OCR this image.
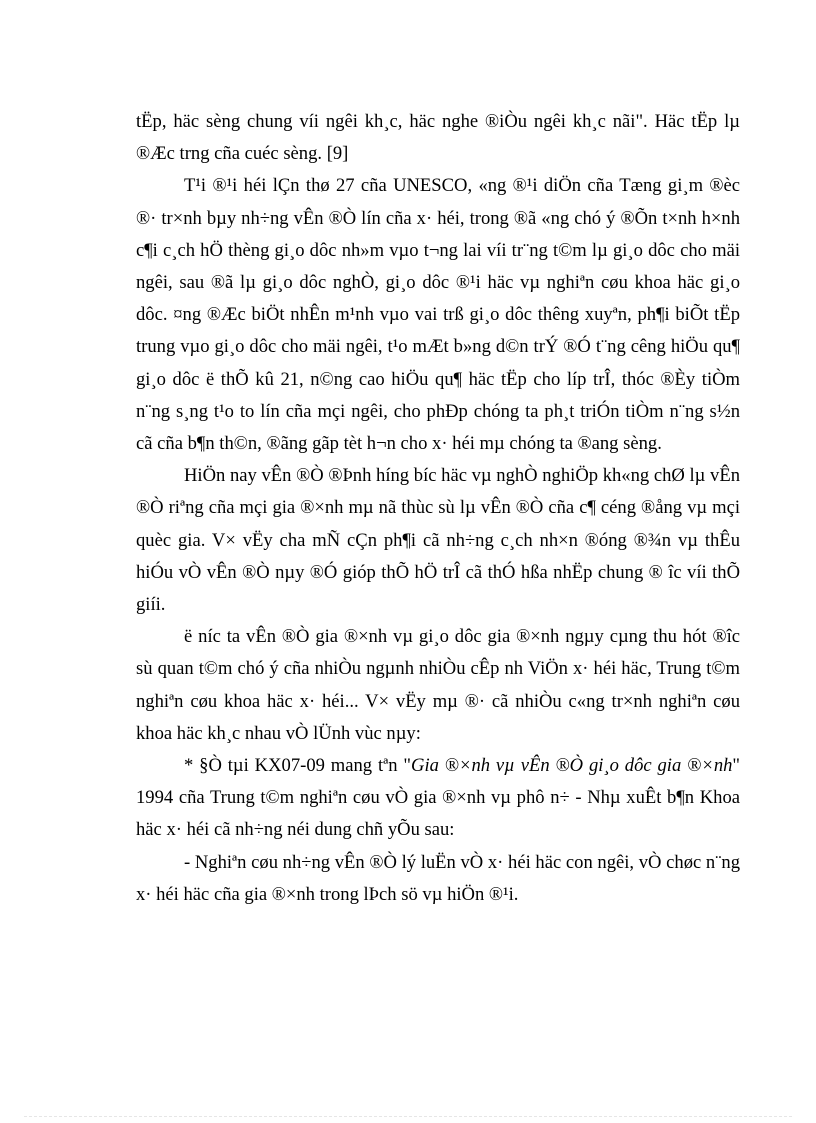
tËp, häc sèng chung víi ngêi kh¸c, häc nghe ®iÒu ngêi kh¸c nãi". Häc tËp lµ ®Æc trng cña cuéc sèng. [9]

T¹i ®¹i héi lÇn thø 27 cña UNESCO, «ng ®¹i diÖn cña Tæng gi¸m ®èc ®· tr×nh bµy nh÷ng vÊn ®Ò lín cña x· héi, trong ®ã «ng chó ý ®Õn t×nh h×nh c¶i c¸ch hÖ thèng gi¸o dôc nh»m vµo t¬ng lai víi tr¨ng t©m lµ gi¸o dôc cho mäi ngêi, sau ®ã lµ gi¸o dôc nghÒ, gi¸o dôc ®¹i häc vµ nghiªn cøu khoa häc gi¸o dôc. ¤ng ®Æc biÖt nhÊn m¹nh vµo vai trß gi¸o dôc thêng xuyªn, ph¶i biÕt tËp trung vµo gi¸o dôc cho mäi ngêi, t¹o mÆt b»ng d©n trÝ ®Ó t¨ng cêng hiÖu qu¶ gi¸o dôc ë thÕ kû 21, n©ng cao hiÖu qu¶ häc tËp cho líp trÎ, thóc ®Èy tiÒm n¨ng s¸ng t¹o to lín cña mçi ngêi, cho phÐp chóng ta ph¸t triÓn tiÒm n¨ng s½n cã cña b¶n th©n, ®ãng gãp tèt h¬n cho x· héi mµ chóng ta ®ang sèng.

HiÖn nay vÊn ®Ò ®Þnh híng bíc häc vµ nghÒ nghiÖp kh«ng chØ lµ vÊn ®Ò riªng cña mçi gia ®×nh mµ nã thùc sù lµ vÊn ®Ò cña c¶ céng ®ång vµ mçi quèc gia. V× vËy cha mÑ cÇn ph¶i cã nh÷ng c¸ch nh×n ®óng ®¾n vµ thÊu hiÓu vÒ vÊn ®Ò nµy ®Ó gióp thÕ hÖ trÎ cã thÓ hßa nhËp chung ® îc víi thÕ giíi.

ë níc ta vÊn ®Ò gia ®×nh vµ gi¸o dôc gia ®×nh ngµy cµng thu hót ®îc sù quan t©m chó ý cña nhiÒu ngµnh nhiÒu cÊp nh ViÖn x· héi häc, Trung t©m nghiªn cøu khoa häc x· héi... V× vËy mµ ®· cã nhiÒu c«ng tr×nh nghiªn cøu khoa häc kh¸c nhau vÒ lÜnh vùc nµy:

* §Ò tµi KX07-09 mang tªn "Gia ®×nh vµ vÊn ®Ò gi¸o dôc gia ®×nh" 1994 cña Trung t©m nghiªn cøu vÒ gia ®×nh vµ phô n÷ - Nhµ xuÊt b¶n Khoa häc x· héi cã nh÷ng néi dung chñ yÕu sau:

- Nghiªn cøu nh÷ng vÊn ®Ò lý luËn vÒ x· héi häc con ngêi, vÒ chøc n¨ng x· héi häc cña gia ®×nh trong lÞch sö vµ hiÖn ®¹i.
